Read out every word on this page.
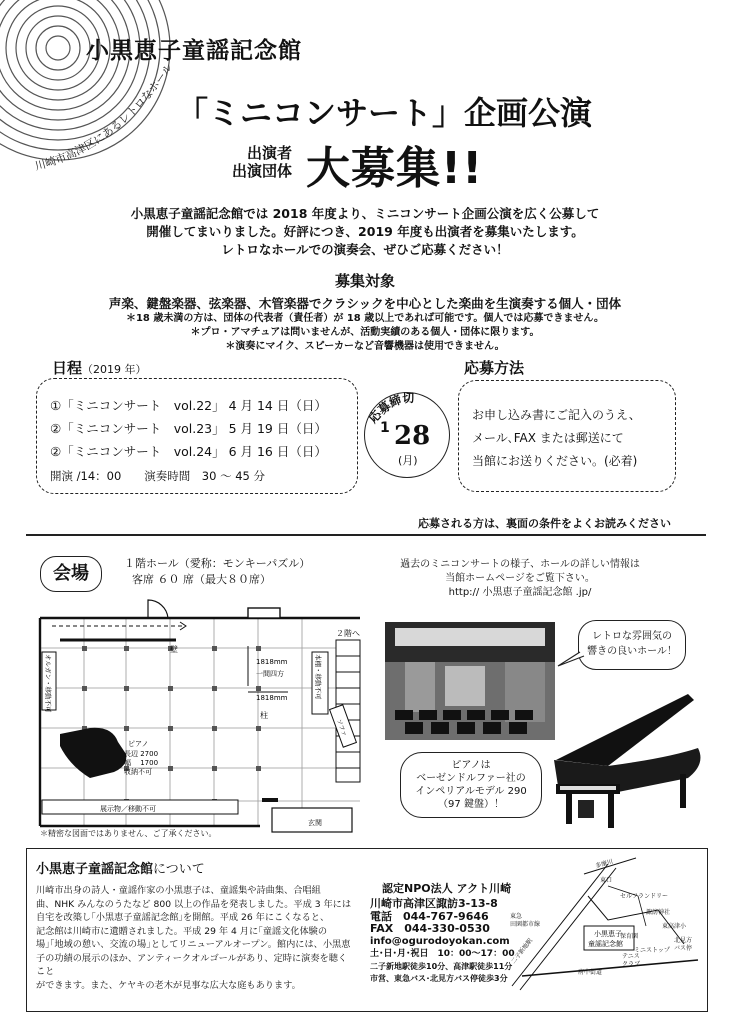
川崎市高津区にあるレトロなホール
小黒恵子童謡記念館
「ミニコンサート」企画公演
出演者
出演団体 大募集!!
小黒恵子童謡記念館では 2018 年度より、ミニコンサート企画公演を広く公募して
開催してまいりました。好評につき、2019 年度も出演者を募集いたします。
レトロなホールでの演奏会、ぜひご応募ください！
募集対象
声楽、鍵盤楽器、弦楽器、木管楽器でクラシックを中心とした楽曲を生演奏する個人・団体
＊18 歳未満の方は、団体の代表者（責任者）が 18 歳以上であれば可能です。個人では応募できません。
＊プロ・アマチュアは問いませんが、活動実績のある個人・団体に限ります。
＊演奏にマイク、スピーカーなど音響機器は使用できません。
日程（2019 年）
①「ミニコンサート　vol.22」 4 月 14 日（日）
②「ミニコンサート　vol.23」 5 月 19 日（日）
②「ミニコンサート　vol.24」 6 月 16 日（日）
開演 /14：00　　演奏時間　30 ～ 45 分
応募締切
1 28
(月)
応募方法
お申し込み書にご記入のうえ、
メール､FAX または郵送にて
当館にお送りください。(必着)
応募される方は、裏面の条件をよくお読みください
会場	１階ホール（愛称：モンキーパズル）
客席 ６０ 席（最大８０席）
過去のミニコンサートの様子、ホールの詳しい情報は
当館ホームページをご覧下さい。
http:// 小黒恵子童謡記念館 .jp/
壁
オルガン・移動不可
２階へ
本棚・移動不可
1818mm
一間四方
1818mm
柱
ピアノ
長辺 2700
幅　 1700
収納不可
ソファ
展示物／移動不可
玄関
＊精密な図面ではありません、ご了承ください。
レトロな雰囲気の
響きの良いホール！
ピアノは
ベーゼンドルファー社の
インペリアルモデル 290
（97 鍵盤）！
小黒恵子童謡記念館について
川崎市出身の詩人・童謡作家の小黒恵子は、童謡集や詩曲集、合唱組
曲、NHK みんなのうたなど 800 以上の作品を発表しました。平成 3 年には
自宅を改築し｢小黒恵子童謡記念館｣を開館。平成 26 年にこくなると、
記念館は川崎市に遺贈されました。平成 29 年 4 月に｢童謡文化体験の
場｣｢地域の憩い、交流の場｣としてリニューアルオープン。館内には、小黒恵
子の功績の展示のほか、アンティークオルゴールがあり、定時に演奏を聴くこと
ができます。また、ケヤキの老木が見事な広大な庭もあります。
認定NPO法人 アクト川崎
川崎市高津区諏訪3-13-8
電話　044-767-9646
FAX　044-330-0530
info@ogurodoyokan.com
土･日･月･祝日　10：00～17：00
二子新地駅徒歩10分、高津駅徒歩11分
市営、東急バス･北見方バス停徒歩3分
小黒恵子
童謡記念館
東口
セルフランドリー
諏訪神社
東急
田園都市線
保育園
東高津小
北見方
バス停
府中街道
テニス
クラブ
ミニストップ
二子新地駅
多摩川
